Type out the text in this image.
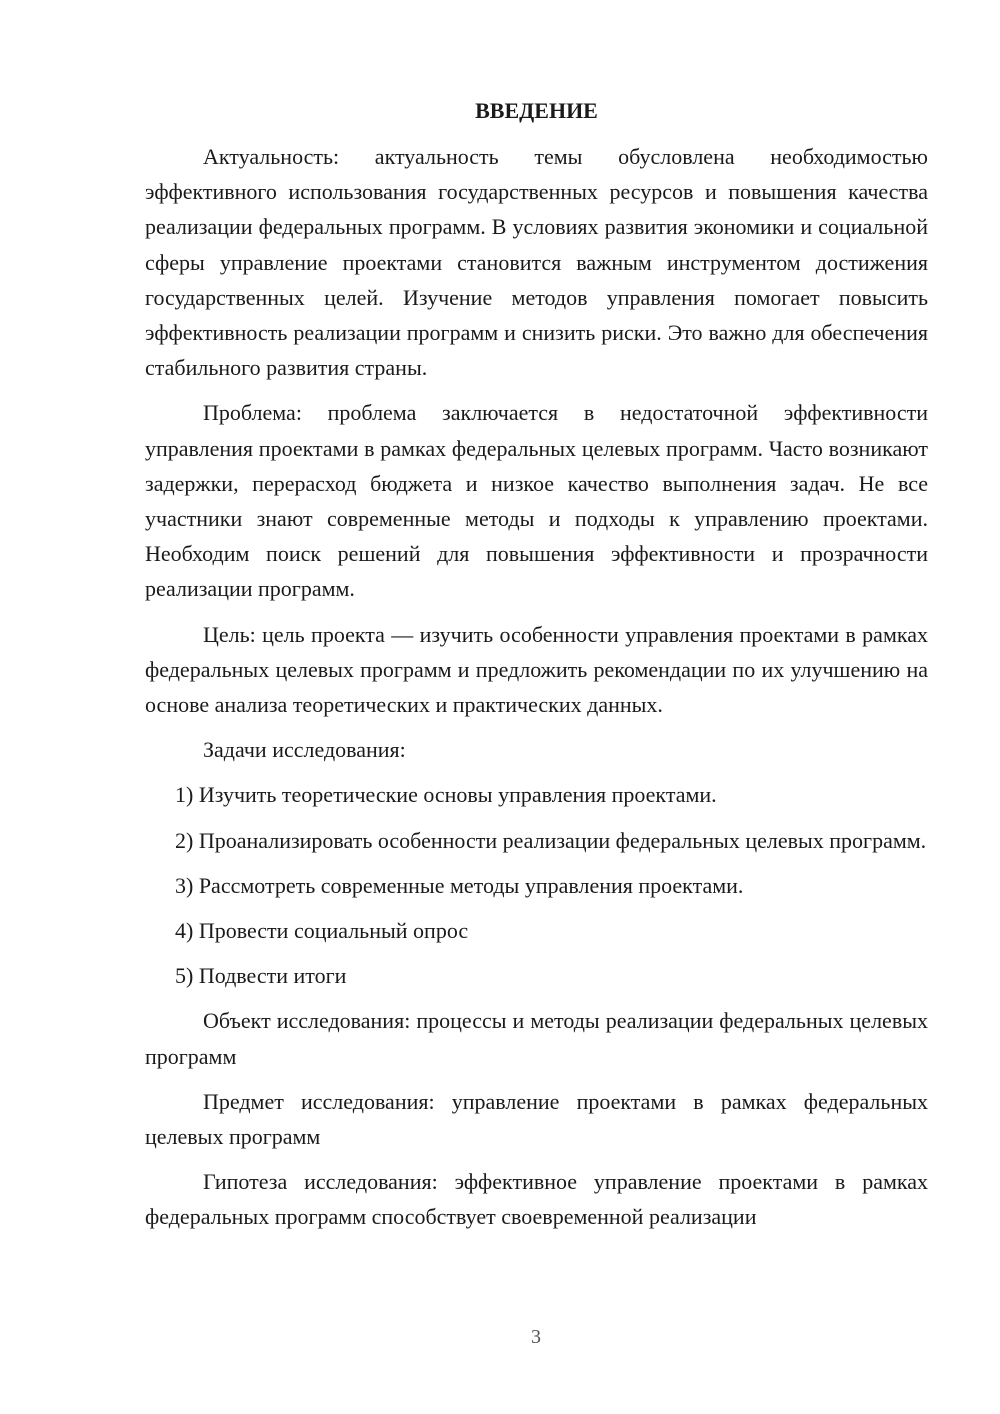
ВВЕДЕНИЕ

Актуальность: актуальность темы обусловлена необходимостью эффективного использования государственных ресурсов и повышения качества реализации федеральных программ. В условиях развития экономики и социальной сферы управление проектами становится важным инструментом достижения государственных целей. Изучение методов управления помогает повысить эффективность реализации программ и снизить риски. Это важно для обеспечения стабильного развития страны.

Проблема: проблема заключается в недостаточной эффективности управления проектами в рамках федеральных целевых программ. Часто возникают задержки, перерасход бюджета и низкое качество выполнения задач. Не все участники знают современные методы и подходы к управлению проектами. Необходим поиск решений для повышения эффективности и прозрачности реализации программ.

Цель: цель проекта — изучить особенности управления проектами в рамках федеральных целевых программ и предложить рекомендации по их улучшению на основе анализа теоретических и практических данных.

Задачи исследования:

1) Изучить теоретические основы управления проектами.

2) Проанализировать особенности реализации федеральных целевых программ.

3) Рассмотреть современные методы управления проектами.

4) Провести социальный опрос

5) Подвести итоги

Объект исследования: процессы и методы реализации федеральных целевых программ

Предмет исследования: управление проектами в рамках федеральных целевых программ

Гипотеза исследования: эффективное управление проектами в рамках федеральных программ способствует своевременной реализации

3
